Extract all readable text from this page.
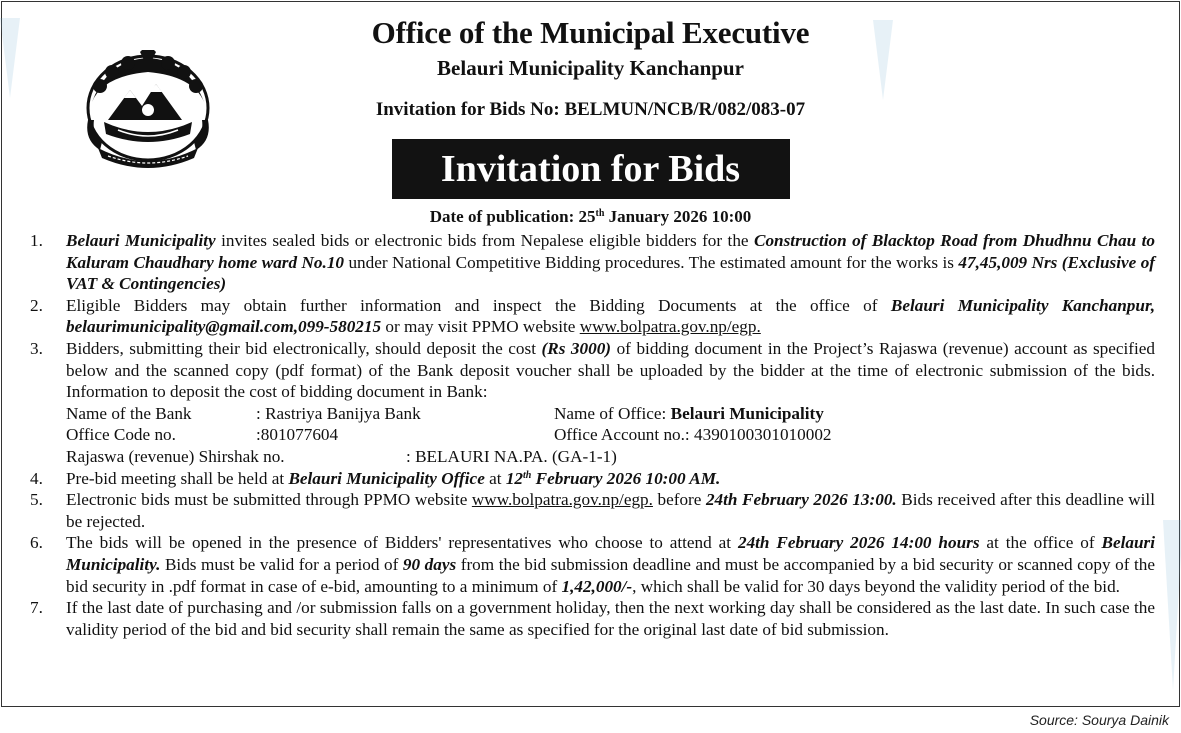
Office of the Municipal Executive
Belauri Municipality Kanchanpur
Invitation for Bids No: BELMUN/NCB/R/082/083-07
Invitation for Bids
Date of publication: 25th January 2026 10:00
1. Belauri Municipality invites sealed bids or electronic bids from Nepalese eligible bidders for the Construction of Blacktop Road from Dhudhnu Chau to Kaluram Chaudhary home ward No.10 under National Competitive Bidding procedures. The estimated amount for the works is 47,45,009 Nrs (Exclusive of VAT & Contingencies)
2. Eligible Bidders may obtain further information and inspect the Bidding Documents at the office of Belauri Municipality Kanchanpur, belaurimunicipality@gmail.com,099-580215 or may visit PPMO website www.bolpatra.gov.np/egp.
3. Bidders, submitting their bid electronically, should deposit the cost (Rs 3000) of bidding document in the Project’s Rajaswa (revenue) account as specified below and the scanned copy (pdf format) of the Bank deposit voucher shall be uploaded by the bidder at the time of electronic submission of the bids. Information to deposit the cost of bidding document in Bank:
Name of the Bank	: Rastriya Banijya Bank	Name of Office: Belauri Municipality
Office Code no.	:801077604	Office Account no.: 4390100301010002
Rajaswa (revenue) Shirshak no.	: BELAURI NA.PA. (GA-1-1)
4. Pre-bid meeting shall be held at Belauri Municipality Office at 12th February 2026 10:00 AM.
5. Electronic bids must be submitted through PPMO website www.bolpatra.gov.np/egp. before 24th February 2026 13:00. Bids received after this deadline will be rejected.
6. The bids will be opened in the presence of Bidders' representatives who choose to attend at 24th February 2026 14:00 hours at the office of Belauri Municipality. Bids must be valid for a period of 90 days from the bid submission deadline and must be accompanied by a bid security or scanned copy of the bid security in .pdf format in case of e-bid, amounting to a minimum of 1,42,000/-, which shall be valid for 30 days beyond the validity period of the bid.
7. If the last date of purchasing and /or submission falls on a government holiday, then the next working day shall be considered as the last date. In such case the validity period of the bid and bid security shall remain the same as specified for the original last date of bid submission.
Source: Sourya Dainik
